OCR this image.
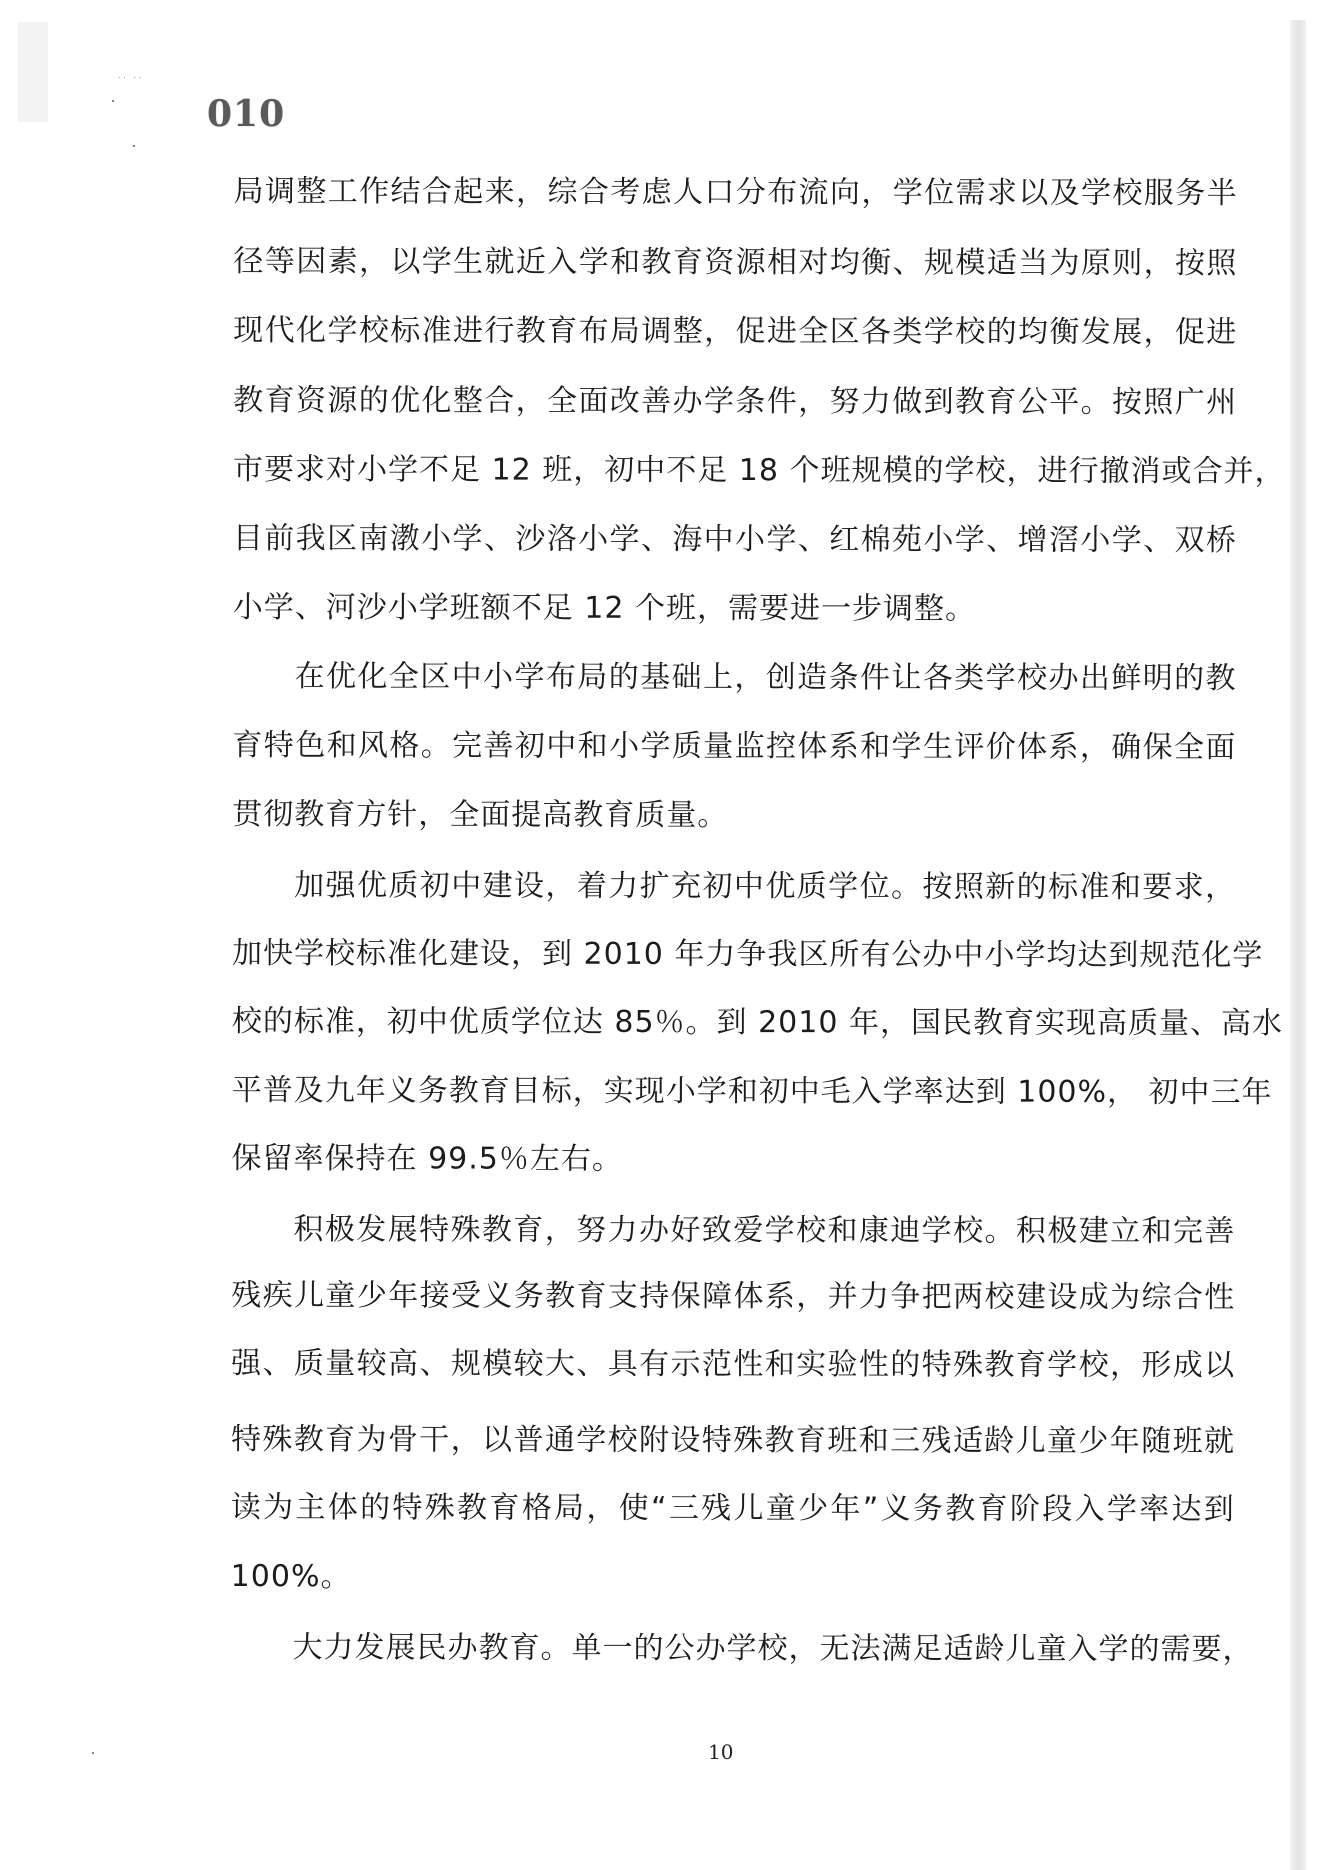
·· ··
010
局调整工作结合起来，综合考虑人口分布流向，学位需求以及学校服务半
径等因素，以学生就近入学和教育资源相对均衡、规模适当为原则，按照
现代化学校标准进行教育布局调整，促进全区各类学校的均衡发展，促进
教育资源的优化整合，全面改善办学条件，努力做到教育公平。按照广州
市要求对小学不足 12 班，初中不足 18 个班规模的学校，进行撤消或合并，
目前我区南漖小学、沙洛小学、海中小学、红棉苑小学、增滘小学、双桥
小学、河沙小学班额不足 12 个班，需要进一步调整。
在优化全区中小学布局的基础上，创造条件让各类学校办出鲜明的教
育特色和风格。完善初中和小学质量监控体系和学生评价体系，确保全面
贯彻教育方针，全面提高教育质量。
加强优质初中建设，着力扩充初中优质学位。按照新的标准和要求，
加快学校标准化建设，到 2010 年力争我区所有公办中小学均达到规范化学
校的标准，初中优质学位达 85％。到 2010 年，国民教育实现高质量、高水
平普及九年义务教育目标，实现小学和初中毛入学率达到 100%， 初中三年
保留率保持在 99.5％左右。
积极发展特殊教育，努力办好致爱学校和康迪学校。积极建立和完善
残疾儿童少年接受义务教育支持保障体系，并力争把两校建设成为综合性
强、质量较高、规模较大、具有示范性和实验性的特殊教育学校，形成以
特殊教育为骨干，以普通学校附设特殊教育班和三残适龄儿童少年随班就
读为主体的特殊教育格局，使“三残儿童少年”义务教育阶段入学率达到
100%。
大力发展民办教育。单一的公办学校，无法满足适龄儿童入学的需要，
10
